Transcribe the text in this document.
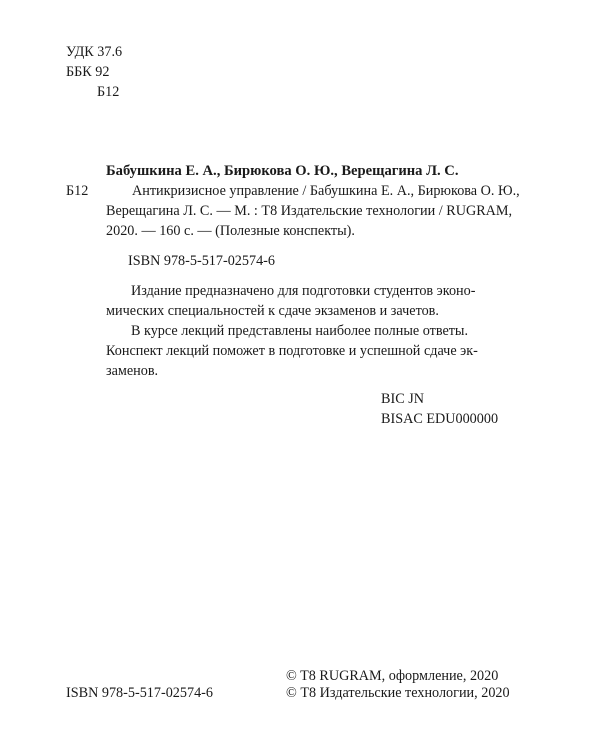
УДК 37.6
ББК 92
Б12
Бабушкина Е. А., Бирюкова О. Ю., Верещагина Л. С.
Б12	Антикризисное управление / Бабушкина Е. А., Бирюкова О. Ю.,
Верещагина Л. С. — М. : Т8 Издательские технологии / RUGRAM,
2020. — 160 с. — (Полезные конспекты).
ISBN 978-5-517-02574-6
Издание предназначено для подготовки студентов эконо-
мических специальностей к сдаче экзаменов и зачетов.
В курсе лекций представлены наиболее полные ответы.
Конспект лекций поможет в подготовке и успешной сдаче эк-
заменов.
BIC JN
BISAC EDU000000
ISBN 978-5-517-02574-6
© T8 RUGRAM, оформление, 2020
© Т8 Издательские технологии, 2020
